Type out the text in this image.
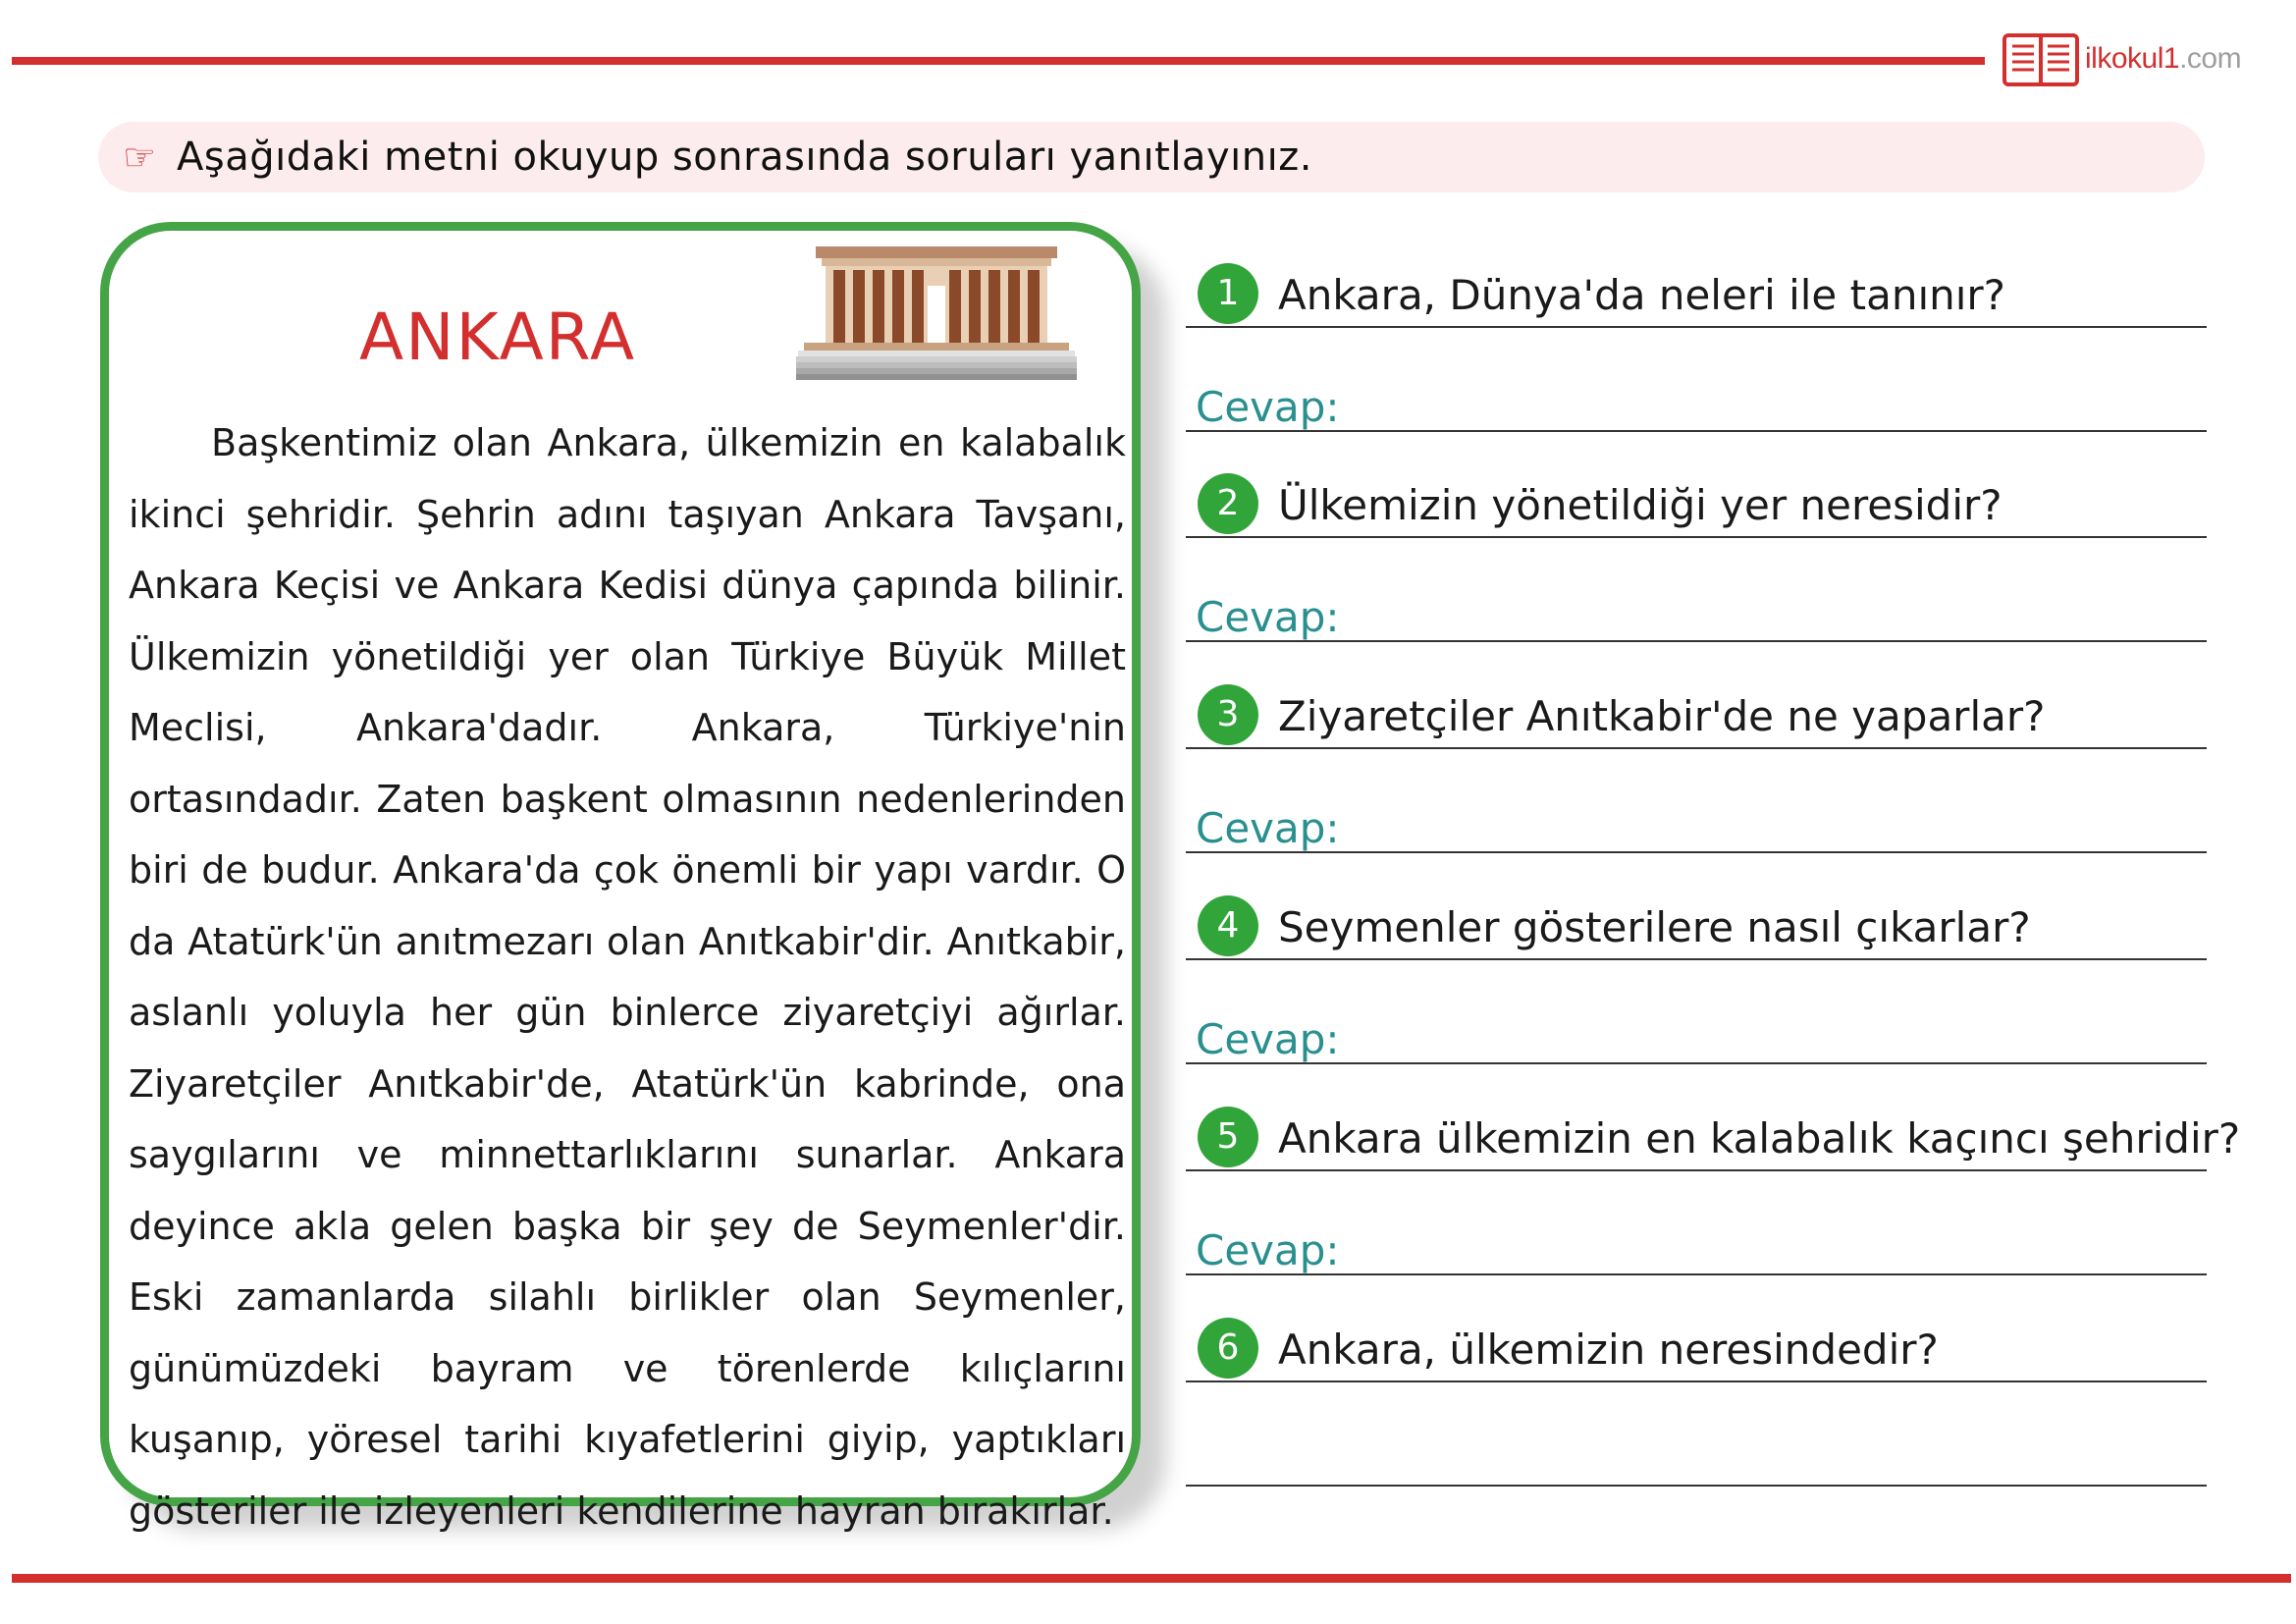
ilkokul1.com
☞ Aşağıdaki metni okuyup sonrasında soruları yanıtlayınız.
ANKARA

Başkentimiz olan Ankara, ülkemizin en kalabalık ikinci şehridir. Şehrin adını taşıyan Ankara Tavşanı, Ankara Keçisi ve Ankara Kedisi dünya çapında bilinir. Ülkemizin yönetildiği yer olan Türkiye Büyük Millet Meclisi, Ankara'dadır. Ankara, Türkiye'nin ortasındadır. Zaten başkent olmasının nedenlerinden biri de budur. Ankara'da çok önemli bir yapı vardır. O da Atatürk'ün anıtmezarı olan Anıtkabir'dir. Anıtkabir, aslanlı yoluyla her gün binlerce ziyaretçiyi ağırlar. Ziyaretçiler Anıtkabir'de, Atatürk'ün kabrinde, ona saygılarını ve minnettarlıklarını sunarlar. Ankara deyince akla gelen başka bir şey de Seymenler'dir. Eski zamanlarda silahlı birlikler olan Seymenler, günümüzdeki bayram ve törenlerde kılıçlarını kuşanıp, yöresel tarihi kıyafetlerini giyip, yaptıkları gösteriler ile izleyenleri kendilerine hayran bırakırlar.

1 Ankara, Dünya'da neleri ile tanınır?
Cevap:
2 Ülkemizin yönetildiği yer neresidir?
Cevap:
3 Ziyaretçiler Anıtkabir'de ne yaparlar?
Cevap:
4 Seymenler gösterilere nasıl çıkarlar?
Cevap:
5 Ankara ülkemizin en kalabalık kaçıncı şehridir?
Cevap:
6 Ankara, ülkemizin neresindedir?
